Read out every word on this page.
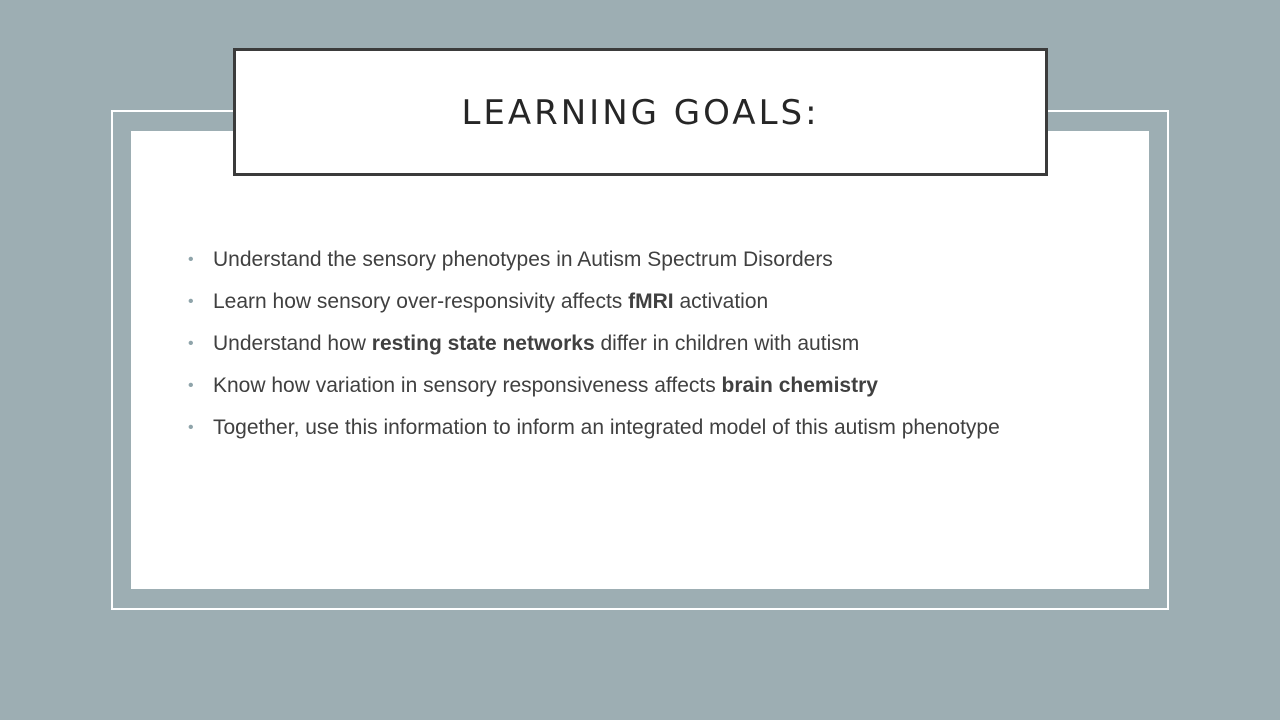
LEARNING GOALS:
• Understand the sensory phenotypes in Autism Spectrum Disorders
• Learn how sensory over-responsivity affects fMRI activation
• Understand how resting state networks differ in children with autism
• Know how variation in sensory responsiveness affects brain chemistry
• Together, use this information to inform an integrated model of this autism phenotype
